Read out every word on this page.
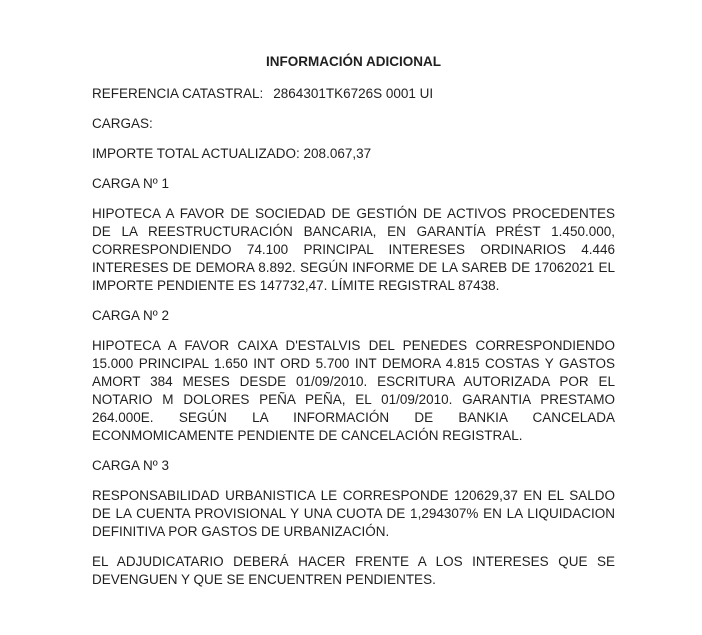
INFORMACIÓN ADICIONAL

REFERENCIA CATASTRAL: 2864301TK6726S 0001 UI

CARGAS:

IMPORTE TOTAL ACTUALIZADO: 208.067,37

CARGA Nº 1

HIPOTECA A FAVOR DE SOCIEDAD DE GESTIÓN DE ACTIVOS PROCEDENTES DE LA REESTRUCTURACIÓN BANCARIA, EN GARANTÍA PRÉST 1.450.000, CORRESPONDIENDO 74.100 PRINCIPAL INTERESES ORDINARIOS 4.446 INTERESES DE DEMORA 8.892. SEGÚN INFORME DE LA SAREB DE 17062021 EL IMPORTE PENDIENTE ES 147732,47. LÍMITE REGISTRAL 87438.

CARGA Nº 2

HIPOTECA A FAVOR CAIXA D'ESTALVIS DEL PENEDES CORRESPONDIENDO 15.000 PRINCIPAL 1.650 INT ORD 5.700 INT DEMORA 4.815 COSTAS Y GASTOS AMORT 384 MESES DESDE 01/09/2010. ESCRITURA AUTORIZADA POR EL NOTARIO M DOLORES PEÑA PEÑA, EL 01/09/2010. GARANTIA PRESTAMO 264.000E. SEGÚN LA INFORMACIÓN DE BANKIA CANCELADA ECONMOMICAMENTE PENDIENTE DE CANCELACIÓN REGISTRAL.

CARGA Nº 3

RESPONSABILIDAD URBANISTICA LE CORRESPONDE 120629,37 EN EL SALDO DE LA CUENTA PROVISIONAL Y UNA CUOTA DE 1,294307% EN LA LIQUIDACION DEFINITIVA POR GASTOS DE URBANIZACIÓN.

EL ADJUDICATARIO DEBERÁ HACER FRENTE A LOS INTERESES QUE SE DEVENGUEN Y QUE SE ENCUENTREN PENDIENTES.
